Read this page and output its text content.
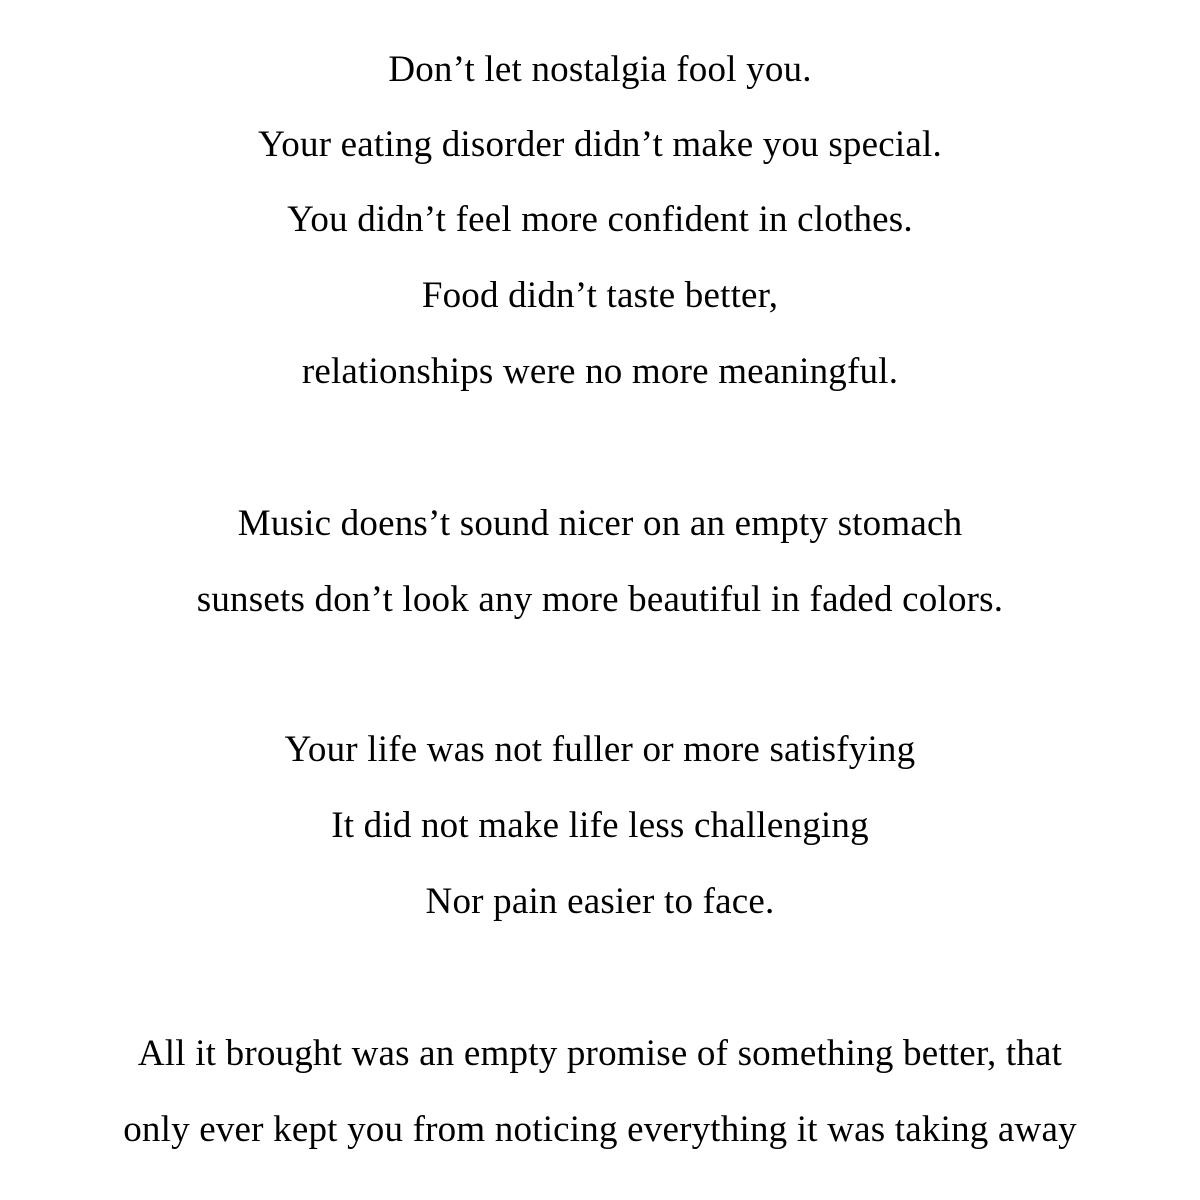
Don’t let nostalgia fool you.
Your eating disorder didn’t make you special.
You didn’t feel more confident in clothes.
Food didn’t taste better,
relationships were no more meaningful.
Music doens’t sound nicer on an empty stomach
sunsets don’t look any more beautiful in faded colors.
Your life was not fuller or more satisfying
It did not make life less challenging
Nor pain easier to face.
All it brought was an empty promise of something better, that
only ever kept you from noticing everything it was taking away
